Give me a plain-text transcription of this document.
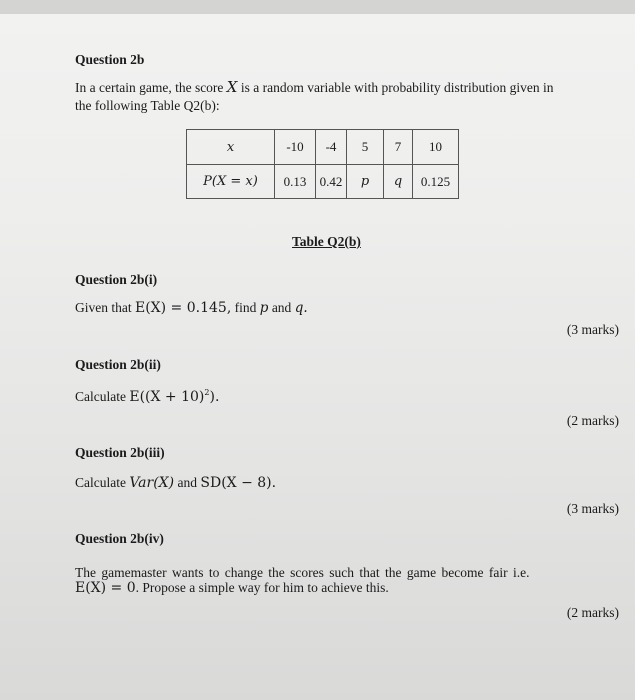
Question 2b
In a certain game, the score X is a random variable with probability distribution given in
the following Table Q2(b):
x	-10	-4	5	7	10
P(X = x)	0.13	0.42	p	q	0.125
Table Q2(b)
Question 2b(i)
Given that E(X) = 0.145, find p and q.
(3 marks)
Question 2b(ii)
Calculate $E((X + 10)^2)$.
(2 marks)
Question 2b(iii)
Calculate Var(X) and SD(X − 8).
(3 marks)
Question 2b(iv)
The gamemaster wants to change the scores such that the game become fair i.e.
E(X) = 0. Propose a simple way for him to achieve this.
(2 marks)
